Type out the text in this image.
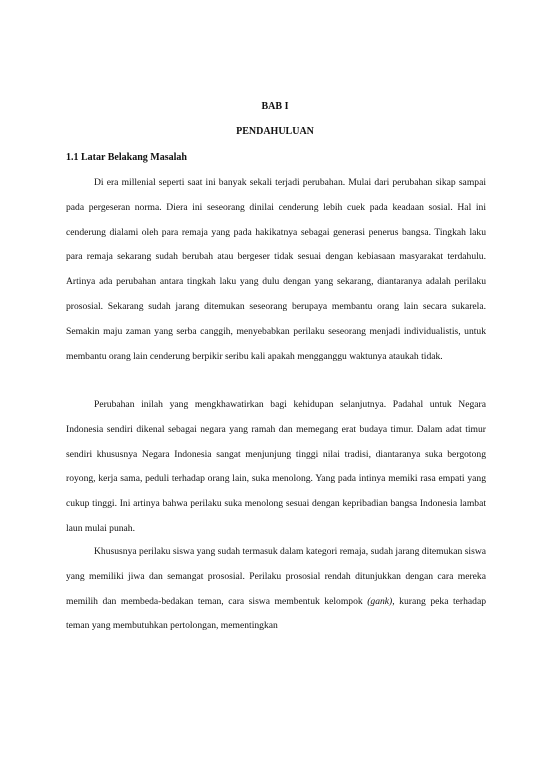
BAB I
PENDAHULUAN
1.1 Latar Belakang Masalah

Di era millenial seperti saat ini banyak sekali terjadi perubahan. Mulai dari perubahan sikap sampai pada pergeseran norma. Diera ini seseorang dinilai cenderung lebih cuek pada keadaan sosial. Hal ini cenderung dialami oleh para remaja yang pada hakikatnya sebagai generasi penerus bangsa. Tingkah laku para remaja sekarang sudah berubah atau bergeser tidak sesuai dengan kebiasaan masyarakat terdahulu. Artinya ada perubahan antara tingkah laku yang dulu dengan yang sekarang, diantaranya adalah perilaku prososial. Sekarang sudah jarang ditemukan seseorang berupaya membantu orang lain secara sukarela. Semakin maju zaman yang serba canggih, menyebabkan perilaku seseorang menjadi individualistis, untuk membantu orang lain cenderung berpikir seribu kali apakah mengganggu waktunya ataukah tidak.

Perubahan inilah yang mengkhawatirkan bagi kehidupan selanjutnya. Padahal untuk Negara Indonesia sendiri dikenal sebagai negara yang ramah dan memegang erat budaya timur. Dalam adat timur sendiri khususnya Negara Indonesia sangat menjunjung tinggi nilai tradisi, diantaranya suka bergotong royong, kerja sama, peduli terhadap orang lain, suka menolong. Yang pada intinya memiki rasa empati yang cukup tinggi. Ini artinya bahwa perilaku suka menolong sesuai dengan kepribadian bangsa Indonesia lambat laun mulai punah.

Khususnya perilaku siswa yang sudah termasuk dalam kategori remaja, sudah jarang ditemukan siswa yang memiliki jiwa dan semangat prososial. Perilaku prososial rendah ditunjukkan dengan cara mereka memilih dan membeda-bedakan teman, cara siswa membentuk kelompok (gank), kurang peka terhadap teman yang membutuhkan pertolongan, mementingkan
